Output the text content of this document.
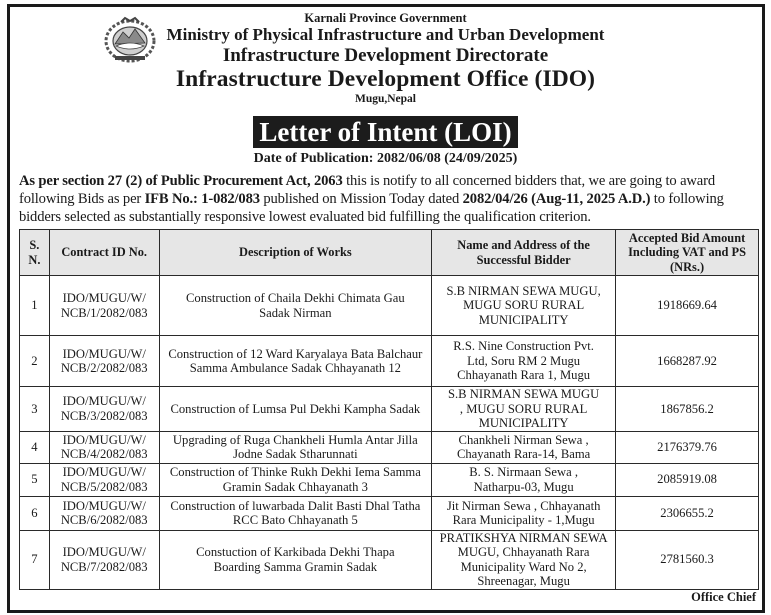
Karnali Province Government
Ministry of Physical Infrastructure and Urban Development
Infrastructure Development Directorate
Infrastructure Development Office (IDO)
Mugu,Nepal
Letter of Intent (LOI)
Date of Publication: 2082/06/08 (24/09/2025)
As per section 27 (2) of Public Procurement Act, 2063 this is notify to all concerned bidders that, we are going to award following Bids as per IFB No.: 1-082/083 published on Mission Today dated 2082/04/26 (Aug-11, 2025 A.D.) to following bidders selected as substantially responsive lowest evaluated bid fulfilling the qualification criterion.
S. N.	Contract ID No.	Description of Works	Name and Address of the Successful Bidder	Accepted Bid Amount Including VAT and PS (NRs.)
1	IDO/MUGU/W/ NCB/1/2082/083	Construction of Chaila Dekhi Chimata Gau Sadak Nirman	S.B NIRMAN SEWA MUGU, MUGU SORU RURAL MUNICIPALITY	1918669.64
2	IDO/MUGU/W/ NCB/2/2082/083	Construction of 12 Ward Karyalaya Bata Balchaur Samma Ambulance Sadak Chhayanath 12	R.S. Nine Construction Pvt. Ltd, Soru RM 2 Mugu Chhayanath Rara 1, Mugu	1668287.92
3	IDO/MUGU/W/ NCB/3/2082/083	Construction of Lumsa Pul Dekhi Kampha Sadak	S.B NIRMAN SEWA MUGU , MUGU SORU RURAL MUNICIPALITY	1867856.2
4	IDO/MUGU/W/ NCB/4/2082/083	Upgrading of Ruga Chankheli Humla Antar Jilla Jodne Sadak Stharunnati	Chankheli Nirman Sewa , Chayanath Rara-14, Bama	2176379.76
5	IDO/MUGU/W/ NCB/5/2082/083	Construction of Thinke Rukh Dekhi Iema Samma Gramin Sadak Chhayanath 3	B. S. Nirmaan Sewa , Natharpu-03, Mugu	2085919.08
6	IDO/MUGU/W/ NCB/6/2082/083	Construction of luwarbada Dalit Basti Dhal Tatha RCC Bato Chhayanath 5	Jit Nirman Sewa , Chhayanath Rara Municipality - 1,Mugu	2306655.2
7	IDO/MUGU/W/ NCB/7/2082/083	Constuction of Karkibada Dekhi Thapa Boarding Samma Gramin Sadak	PRATIKSHYA NIRMAN SEWA MUGU, Chhayanath Rara Municipality Ward No 2, Shreenagar, Mugu	2781560.3
Office Chief
